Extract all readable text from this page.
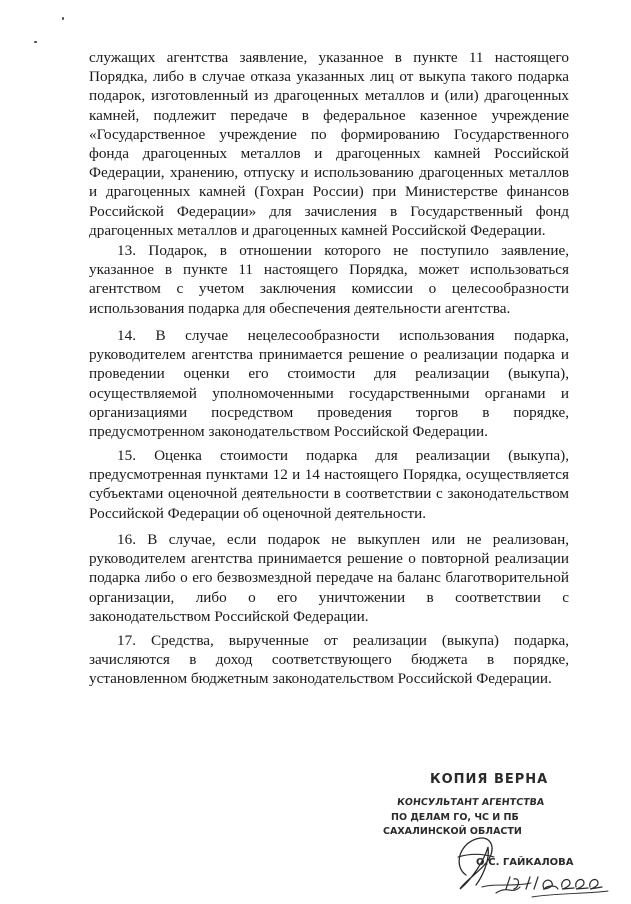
служащих агентства заявление, указанное в пункте 11 настоящего Порядка, либо в случае отказа указанных лиц от выкупа такого подарка подарок, изготовленный из драгоценных металлов и (или) драгоценных камней, подлежит передаче в федеральное казенное учреждение «Государственное учреждение по формированию Государственного фонда драгоценных металлов и драгоценных камней Российской Федерации, хранению, отпуску и использованию драгоценных металлов и драгоценных камней (Гохран России) при Министерстве финансов Российской Федерации» для зачисления в Государственный фонд драгоценных металлов и драгоценных камней Российской Федерации.

13. Подарок, в отношении которого не поступило заявление, указанное в пункте 11 настоящего Порядка, может использоваться агентством с учетом заключения комиссии о целесообразности использования подарка для обеспечения деятельности агентства.

14. В случае нецелесообразности использования подарка, руководителем агентства принимается решение о реализации подарка и проведении оценки его стоимости для реализации (выкупа), осуществляемой уполномоченными государственными органами и организациями посредством проведения торгов в порядке, предусмотренном законодательством Российской Федерации.

15. Оценка стоимости подарка для реализации (выкупа), предусмотренная пунктами 12 и 14 настоящего Порядка, осуществляется субъектами оценочной деятельности в соответствии с законодательством Российской Федерации об оценочной деятельности.

16. В случае, если подарок не выкуплен или не реализован, руководителем агентства принимается решение о повторной реализации подарка либо о его безвозмездной передаче на баланс благотворительной организации, либо о его уничтожении в соответствии с законодательством Российской Федерации.

17. Средства, вырученные от реализации (выкупа) подарка, зачисляются в доход соответствующего бюджета в порядке, установленном бюджетным законодательством Российской Федерации.

КОПИЯ ВЕРНА
КОНСУЛЬТАНТ АГЕНТСТВА
ПО ДЕЛАМ ГО, ЧС И ПБ
САХАЛИНСКОЙ ОБЛАСТИ
О.С. ГАЙКАЛОВА
